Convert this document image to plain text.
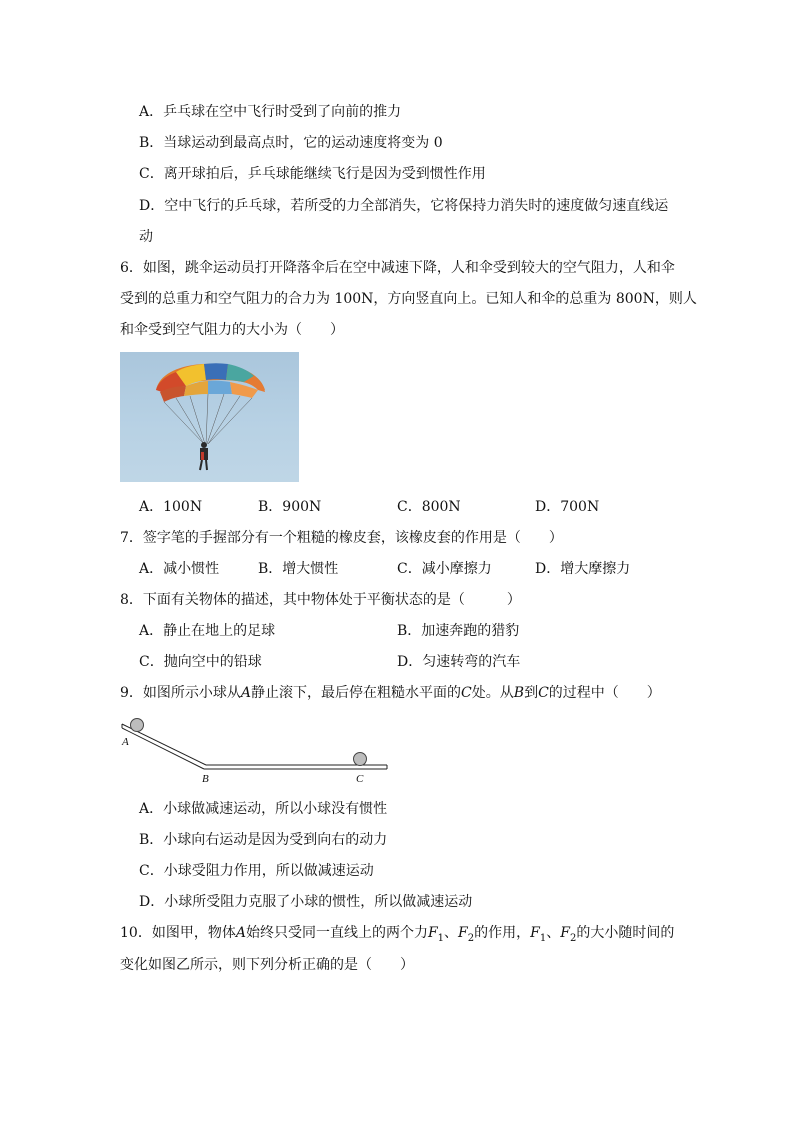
A．乒乓球在空中飞行时受到了向前的推力
B．当球运动到最高点时，它的运动速度将变为 0
C．离开球拍后，乒乓球能继续飞行是因为受到惯性作用
D．空中飞行的乒乓球，若所受的力全部消失，它将保持力消失时的速度做匀速直线运
动
6．如图，跳伞运动员打开降落伞后在空中减速下降，人和伞受到较大的空气阻力，人和伞
受到的总重力和空气阻力的合力为 100N，方向竖直向上。已知人和伞的总重为 800N，则人
和伞受到空气阻力的大小为（　　）
A．100N	B．900N	C．800N	D．700N
7．签字笔的手握部分有一个粗糙的橡皮套，该橡皮套的作用是（　　）
A．减小惯性	B．增大惯性	C．减小摩擦力	D．增大摩擦力
8．下面有关物体的描述，其中物体处于平衡状态的是（　　　）
A．静止在地上的足球	B．加速奔跑的猎豹
C．抛向空中的铅球	D．匀速转弯的汽车
9．如图所示小球从A静止滚下，最后停在粗糙水平面的C处。从B到C的过程中（　　）
A
B	C
A．小球做减速运动，所以小球没有惯性
B．小球向右运动是因为受到向右的动力
C．小球受阻力作用，所以做减速运动
D．小球所受阻力克服了小球的惯性，所以做减速运动
10．如图甲，物体A始终只受同一直线上的两个力$F_1$、$F_2$的作用，$F_1$、$F_2$的大小随时间的
变化如图乙所示，则下列分析正确的是（　　）
